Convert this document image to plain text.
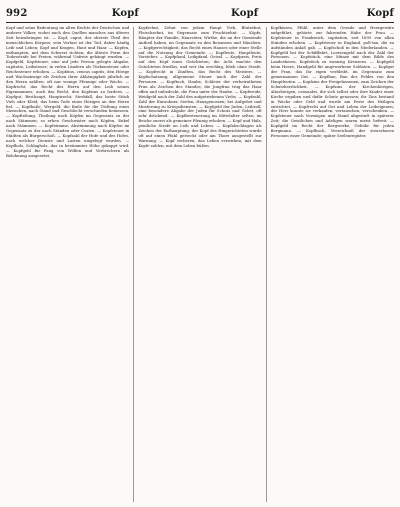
992	Kopf	Kopf	Kopf
Kopf und seine Bedeutung im alten Rechte der Deutschen und anderer Völker, wobei nach den Quellen manches aus älterer Zeit beizubringen ist. — Kopf, caput, der oberste Theil des menschlichen Körpers; sein Verlust ist der Tod, daher häufig Leib und Leben; Kopf und Kragen, Haut und Haar. — Köpfen, enthaupten, mit dem Schwert richten; die älteste Form der Todesstrafe bei Freien, während Unfreie gehängt wurden. — Kopfgeld, Kopfsteuer, eine auf jede Person gelegte Abgabe, capitatio, Leibsteuer; in vielen Ländern als Türkensteuer oder Reichssteuer erhoben. — Kopfzins, census capitis, den Hörige und Wachszinsige als Zeichen ihrer Abhängigkeit jährlich an den Herrn zahlten, oft nur wenige Pfennige oder Wachs. — Kopfrecht, das Recht des Herrn auf den Leib seines Eigenmannes; auch das Recht, den Kopfzins zu fordern. — Kopfgut, Besthaupt, Hauptrecht, Sterbfall, das beste Stück Vieh oder Kleid, das beim Tode eines Hörigen an den Herrn fiel. — Kopfbuße, Wergeld, die Buße für die Tödtung eines Menschen, nach Stand und Geschlecht verschieden bemessen. — Kopfteilung, Theilung nach Köpfen im Gegensatz zu der nach Stämmen; so erben Geschwister nach Köpfen, Enkel nach Stämmen. — Kopfstimme, Abstimmung nach Köpfen im Gegensatz zu der nach Ständen oder Curien. — Kopfsteuer in Städten als Bürgerschoß. — Kopfzahl der Hufe und des Hofes, nach welcher Dienste und Lasten umgelegt wurden. — Kopfholz, Schlagholz, das in bestimmter Höhe gekappt wird. — Kopfgeld für Fang von Wölfen und Verbrechern als Belohnung ausgesetzt.
Kopfzehnt, Zehnt von jedem Haupt Vieh, Blutzehnt, Fleischzehnt, im Gegensatz zum Fruchtzehnt. — Köpfe, Häupter der Familie, Hausväter, Wirthe, die an der Gemeinde Antheil haben, im Gegensatz zu den Beisassen und Häuslern. — Kopfgerechtigkeit, das Recht eines Hauses oder einer Stelle auf die Nutzung der Gemeinde. — Kopfleute, Hauptleute, Vorsteher. — Kopfpfand, Leibpfand, Geisel. — Kopfpreis, Preis auf den Kopf eines Geächteten; die Acht machte den Geächteten friedlos, und wer ihn erschlug, blieb ohne Strafe. — Kopfrecht in Zünften, das Recht des Meisters. — Kopfschatzung, allgemeine Steuer nach der Zahl der Personen. — Kopftuch, Haube, Schleier der verheiratheten Frau als Zeichen des Standes; die Jungfrau trug das Haar offen und unbedeckt, die Frau unter der Haube. — Kopfweide, Weidgeld nach der Zahl des aufgetriebenen Viehs. — Kopfzahl, Zahl der Einwohner, Seelen, Hausgenossen; bei Aufgebot und Musterung zu Kriegsdiensten. — Kopfgeld der Juden, Leibzoll, eine besondere Abgabe der Juden für Schutz und Geleit, oft sehr drückend. — Kopfbesteuerung im Mittelalter selten, im Reiche zuerst als gemeiner Pfennig erhoben. — Kopf und Hals, peinliche Strafe an Leib und Leben. — Kopfabschlagen als Zeichen der Enthauptung; der Kopf des Hingerichteten wurde oft auf einen Pfahl gesteckt oder am Thore ausgestellt zur Warnung. — Kopf verlieren, das Leben verwirken; mit dem Kopfe zahlen, mit dem Leben büßen.
Kopfkissen, Pfühl, unter dem Gerade und Heergewäte aufgeführt, gehörte zur fahrenden Habe der Frau. — Kopfsteuer in Frankreich, capitation, seit 1695 von allen Ständen erhoben. — Kopfsteuer in England, poll-tax, die zu Aufständen Anlaß gab. — Kopfschoß in den Niederlanden. — Kopfgeld bei der Schifffahrt, Lootsengeld nach der Zahl der Personen. — Kopfstück, eine Münze mit dem Bilde des Landesherrn, Kopfstück zu zwanzig Kreuzern. — Kopfgeld beim Heere, Handgeld für angeworbene Soldaten. — Kopfgut der Frau, das ihr eigen verbleibt, im Gegensatz zum gemeinsamen Gut. — Kopfbau, Bau des Feldes von den Hauptleuten. — Kopfzins der Freigelassenen, zum Zeichen der Schutzherrlichkeit. — Kopfzins der Kirchenhörigen, Altarhörigen, censuales, die sich selbst oder ihre Kinder einer Kirche ergaben und dafür Schutz genossen; ihr Zins bestand in Wachs oder Geld und wurde am Feste des Heiligen entrichtet. — Kopfrecht auf Gut und Leben der Leibeigenen; der Herr konnte sie verkaufen, vertauschen, verschenken. — Kopfsteuer nach Vermögen und Stand abgestuft in späterer Zeit; die Geistlichen und Adeligen waren meist befreit. — Kopfgeld im Recht der Bergwerke, Gebühr für jeden Bergmann. — Kopfbuch, Verzeichniß der steuerbaren Personen einer Gemeinde; später Seelenregister.
